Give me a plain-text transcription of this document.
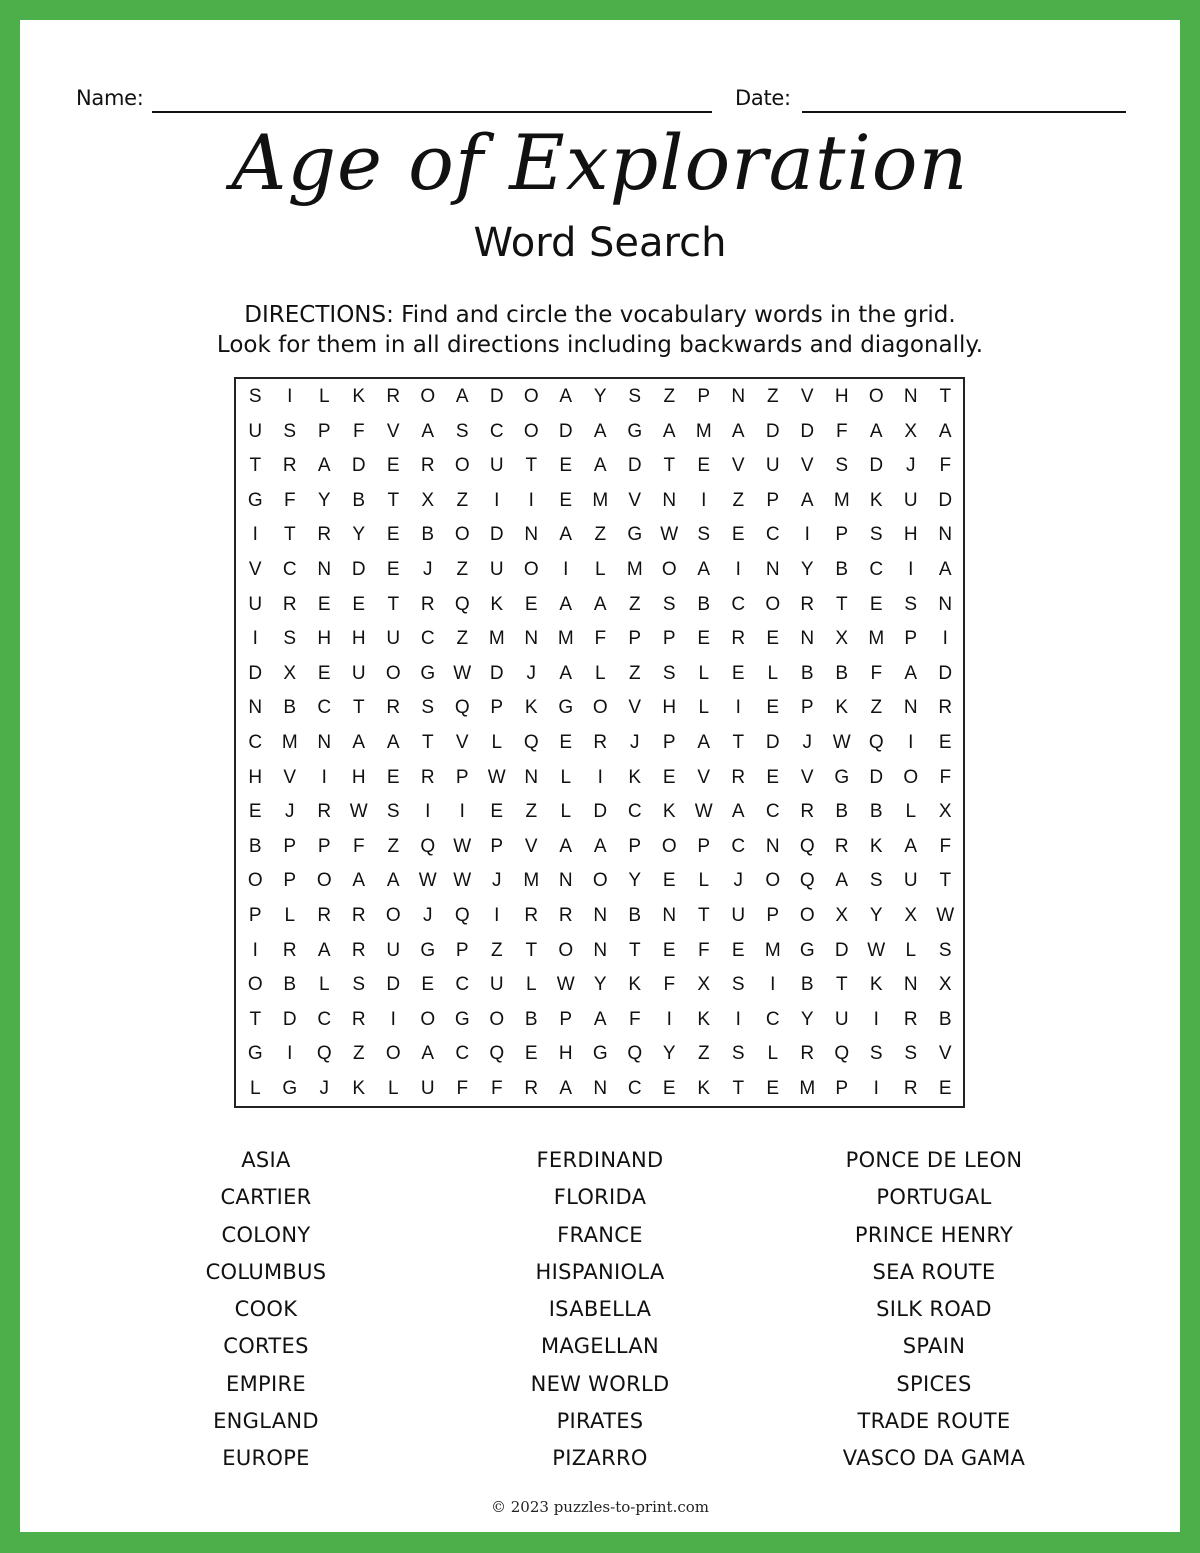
Name:	Date:
Age of Exploration
Word Search
DIRECTIONS: Find and circle the vocabulary words in the grid.
Look for them in all directions including backwards and diagonally.
S	I	L	K	R	O	A	D	O	A	Y	S	Z	P	N	Z	V	H	O	N	T
U	S	P	F	V	A	S	C	O	D	A	G	A	M	A	D	D	F	A	X	A
T	R	A	D	E	R	O	U	T	E	A	D	T	E	V	U	V	S	D	J	F
G	F	Y	B	T	X	Z	I	I	E	M	V	N	I	Z	P	A	M	K	U	D
I	T	R	Y	E	B	O	D	N	A	Z	G W	S	E	C	I	P	S	H	N
V	C	N	D	E	J	Z	U	O	I	L	M	O	A	I	N	Y	B	C	I	A
U	R	E	E	T	R	Q	K	E	A	A	Z	S	B	C	O	R	T	E	S	N
I	S	H	H	U	C	Z	M	N	M	F	P	P	E	R	E	N	X	M	P	I
D	X	E	U	O	G W D	J	A	L	Z	S	L	E	L	B	B	F	A	D
N	B	C	T	R	S	Q	P	K	G	O	V	H	L	I	E	P	K	Z	N	R
C	M	N	A	A	T	V	L	Q	E	R	J	P	A	T	D	J	W Q	I	E
H	V	I	H	E	R	P	W N	L	I	K	E	V	R	E	V	G	D	O	F
E	J	R W	S	I	I	E	Z	L	D	C	K	W	A	C	R	B	B	L	X
B	P	P	F	Z	Q W	P	V	A	A	P	O	P	C	N	Q	R	K	A	F
O	P	O	A	A	W W	J	M	N	O	Y	E	L	J	O	Q	A	S	U	T
P	L	R	R	O	J	Q	I	R	R	N	B	N	T	U	P	O	X	Y	X	W
I	R	A	R	U	G	P	Z	T	O	N	T	E	F	E	M	G	D W	L	S
O	B	L	S	D	E	C	U	L	W	Y	K	F	X	S	I	B	T	K	N	X
T	D	C	R	I	O	G	O	B	P	A	F	I	K	I	C	Y	U	I	R	B
G	I	Q	Z	O	A	C	Q	E	H	G	Q	Y	Z	S	L	R	Q	S	S	V
L	G	J	K	L	U	F	F	R	A	N	C	E	K	T	E	M	P	I	R	E
ASIA
CARTIER
COLONY
COLUMBUS
COOK
CORTES
EMPIRE
ENGLAND
EUROPE
FERDINAND
FLORIDA
FRANCE
HISPANIOLA
ISABELLA
MAGELLAN
NEW WORLD
PIRATES
PIZARRO
PONCE DE LEON
PORTUGAL
PRINCE HENRY
SEA ROUTE
SILK ROAD
SPAIN
SPICES
TRADE ROUTE
VASCO DA GAMA
© 2023 puzzles-to-print.com
